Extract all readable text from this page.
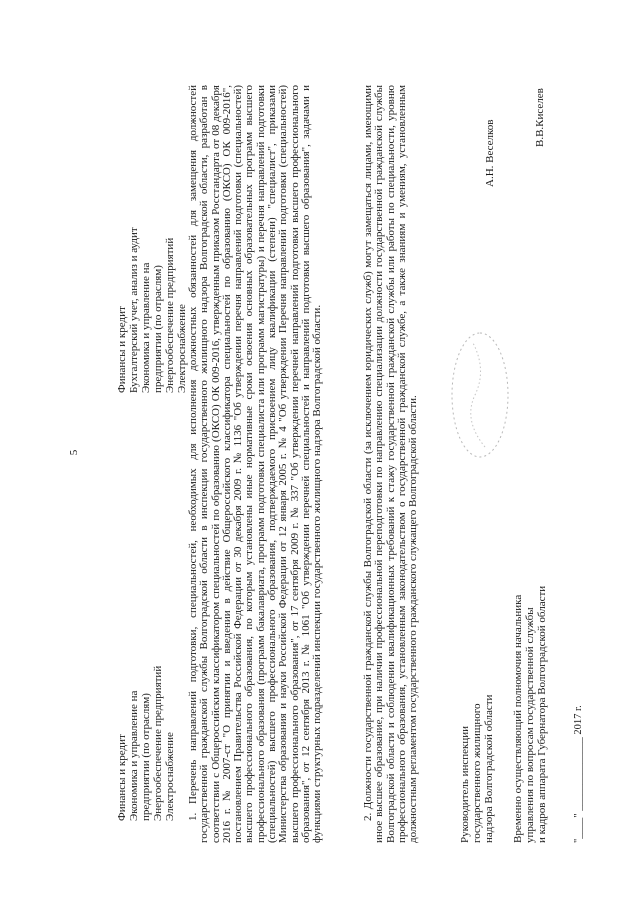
5
Финансы и кредит Экономика и управление на предприятии (по отраслям) Энергообеспечение предприятий Электроснабжение
Финансы и кредит Бухгалтерский учет, анализ и аудит Экономика и управление на предприятии (по отраслям) Энергообеспечение предприятий Электроснабжение 1. Перечень направлений подготовки, специальностей, необходимых для исполнения должностных обязанностей для замещения должностей государственной гражданской службы Волгоградской области в инспекции государственного жилищного надзора Волгоградской области, разработан в соответствии с Общероссийским классификатором специальностей по образованию (ОКСО) ОК 009-2016, утвержденным приказом Росстандарта от 08 декабря 2016 г. № 2007-ст "О принятии и введении в действие Общероссийского классификатора специальностей по образованию (ОКСО) ОК 009-2016", постановлением Правительства Российской Федерации от 30 декабря 2009 г. № 1136 "Об утверждении перечня направлений подготовки (специальностей) высшего профессионального образования, по которым установлены иные нормативные сроки освоения основных образовательных программ высшего профессионального образования (программ бакалавриата, программ подготовки специалиста или программ магистратуры) и перечня направлений подготовки (специальностей) высшего профессионального образования, подтверждаемого присвоением лицу квалификации (степени) "специалист", приказами Министерства образования и науки Российской Федерации от 12 января 2005 г. № 4 "Об утверждении Перечня направлений подготовки (специальностей) высшего профессионального образования", от 17 сентября 2009 г. № 337 "Об утверждении перечней направлений подготовки высшего профессионального образования", от 12 сентября 2013 г. № 1061 "Об утверждении перечней специальностей и направлений подготовки высшего образования", задачами и функциями структурных подразделений инспекции государственного жилищного надзора Волгоградской области.	2. Должности государственной гражданской службы Волгоградской области (за исключением юридических служб) могут замещаться лицами, имеющими иное высшее образование, при наличии профессиональной переподготовки по направлению специализации должности государственной гражданской службы Волгоградской области и соблюдении квалификационных требований к стажу государственной гражданской службы или работы по специальности, уровню профессионального образования, установленным законодательством о государственной гражданской службе, а также знаниям и умениям, установленным должностным регламентом государственного гражданского служащего Волгоградской области.	Руководитель инспекции государственного жилищного надзора Волгоградской области
А.Н. Веселков
Временно осуществляющий полномочия начальника управления по вопросам государственной службы и кадров аппарата Губернатора Волгоградской области
В.В.Киселев
"____" ______________ 2017 г.
